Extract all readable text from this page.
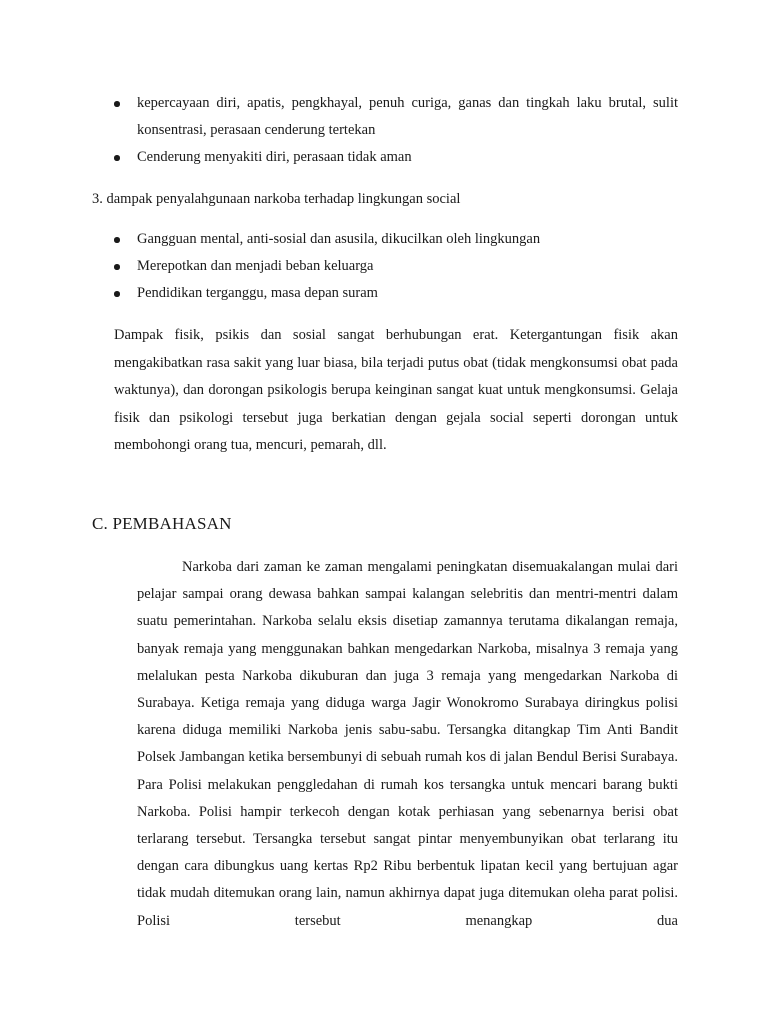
kepercayaan diri, apatis, pengkhayal, penuh curiga, ganas dan tingkah laku brutal, sulit konsentrasi, perasaan cenderung tertekan
Cenderung menyakiti diri, perasaan tidak aman
3. dampak penyalahgunaan narkoba terhadap lingkungan social
Gangguan mental, anti-sosial dan asusila, dikucilkan oleh lingkungan
Merepotkan dan menjadi beban keluarga
Pendidikan terganggu, masa depan suram

Dampak fisik, psikis dan sosial sangat berhubungan erat. Ketergantungan fisik akan mengakibatkan rasa sakit yang luar biasa, bila terjadi putus obat (tidak mengkonsumsi obat pada waktunya), dan dorongan psikologis berupa keinginan sangat kuat untuk mengkonsumsi. Gelaja fisik dan psikologi tersebut juga berkatian dengan gejala social seperti dorongan untuk membohongi orang tua, mencuri, pemarah, dll.

C. PEMBAHASAN

Narkoba dari zaman ke zaman mengalami peningkatan disemuakalangan mulai dari pelajar sampai orang dewasa bahkan sampai kalangan selebritis dan mentri-mentri dalam suatu pemerintahan. Narkoba selalu eksis disetiap zamannya terutama dikalangan remaja, banyak remaja yang menggunakan bahkan mengedarkan Narkoba, misalnya 3 remaja yang melalukan pesta Narkoba dikuburan dan juga 3 remaja yang mengedarkan Narkoba di Surabaya. Ketiga remaja yang diduga warga Jagir Wonokromo Surabaya diringkus polisi karena diduga memiliki Narkoba jenis sabu-sabu. Tersangka ditangkap Tim Anti Bandit Polsek Jambangan ketika bersembunyi di sebuah rumah kos di jalan Bendul Berisi Surabaya. Para Polisi melakukan penggledahan di rumah kos tersangka untuk mencari barang bukti Narkoba. Polisi hampir terkecoh dengan kotak perhiasan yang sebenarnya berisi obat terlarang tersebut. Tersangka tersebut sangat pintar menyembunyikan obat terlarang itu dengan cara dibungkus uang kertas Rp2 Ribu berbentuk lipatan kecil yang bertujuan agar tidak mudah ditemukan orang lain, namun akhirnya dapat juga ditemukan oleha parat polisi. Polisi tersebut menangkap dua
